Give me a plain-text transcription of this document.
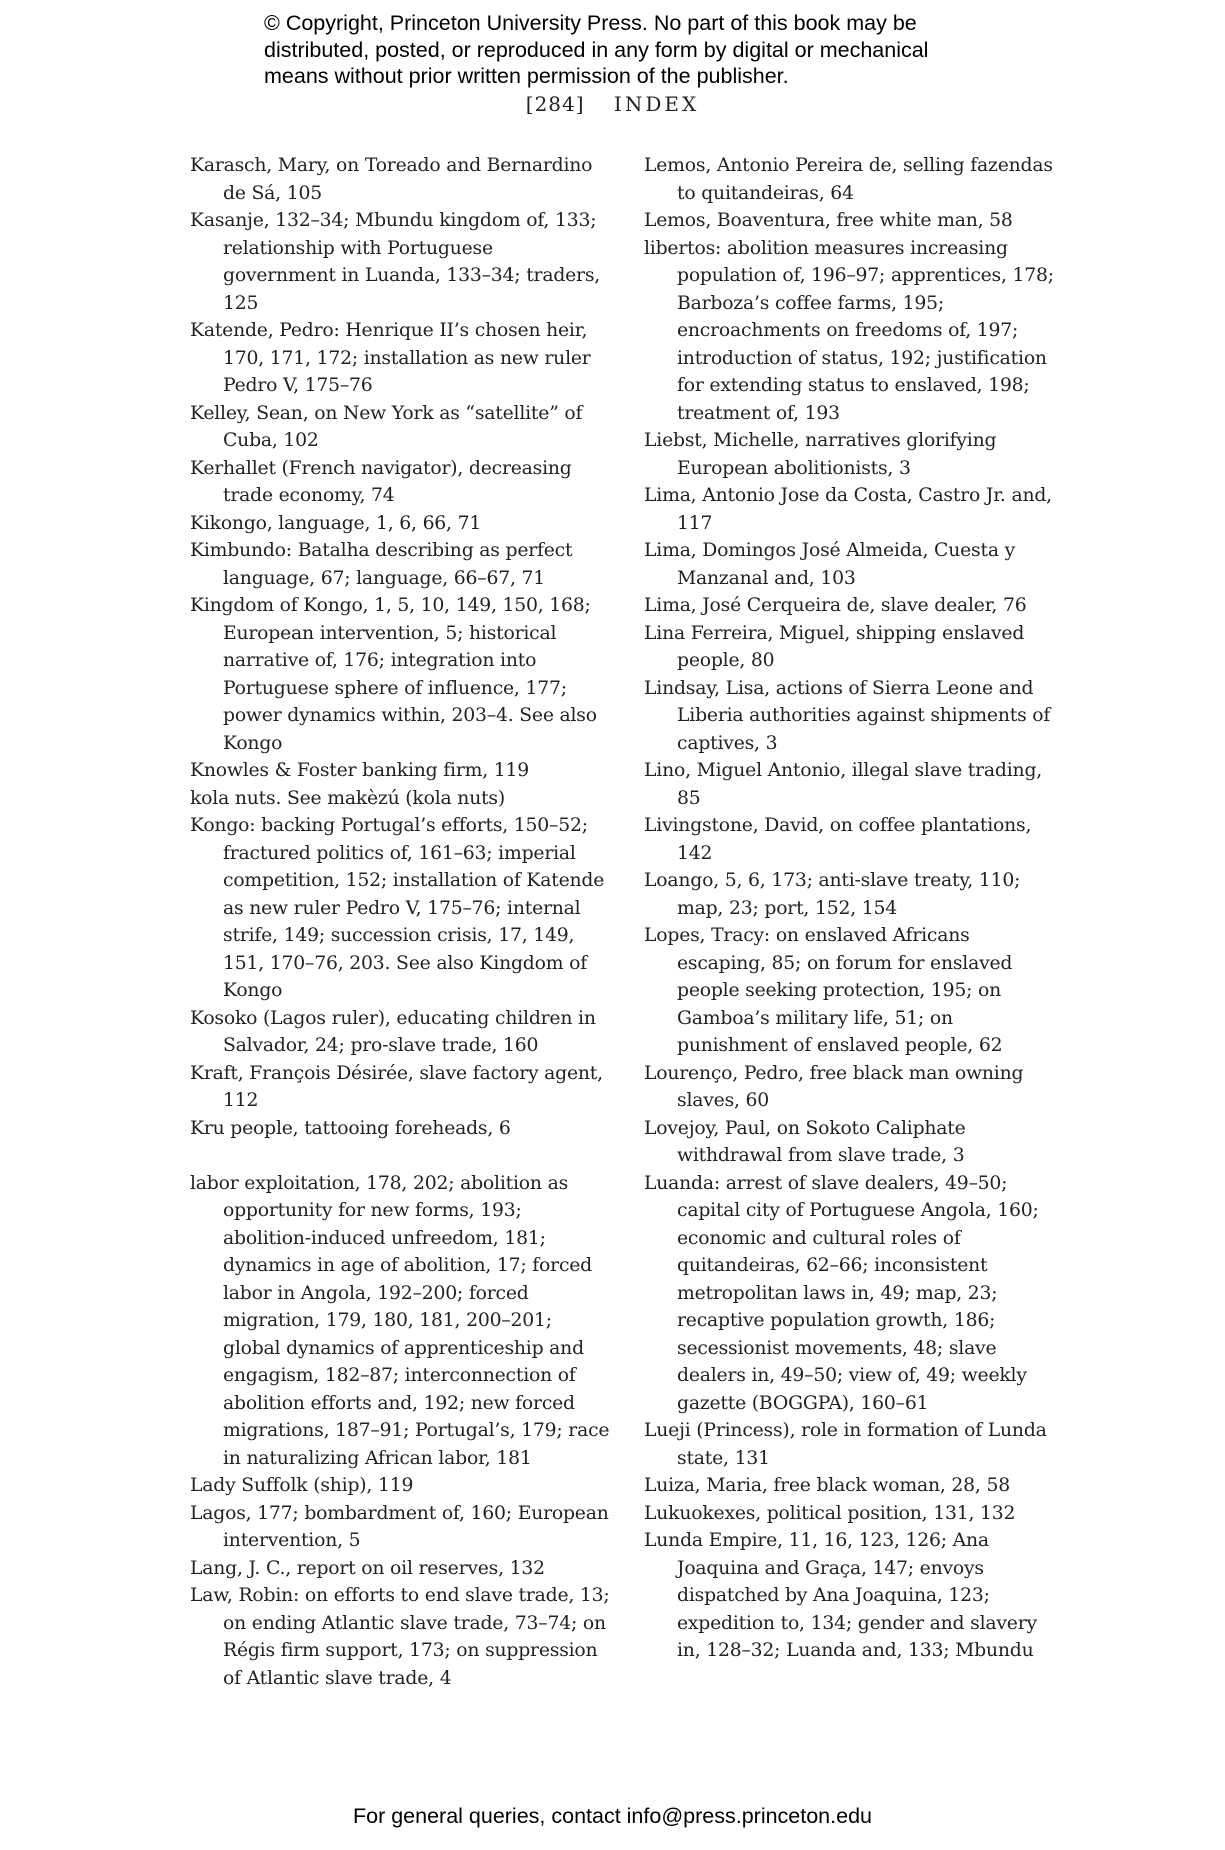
© Copyright, Princeton University Press. No part of this book may be

distributed, posted, or reproduced in any form by digital or mechanical

means without prior written permission of the publisher.

[284] INDEX
Karasch, Mary, on Toreado and Bernardino de Sá, 105
Kasanje, 132–34; Mbundu kingdom of, 133; relationship with Portuguese government in Luanda, 133–34; traders, 125
Katende, Pedro: Henrique II’s chosen heir, 170, 171, 172; installation as new ruler Pedro V, 175–76
Kelley, Sean, on New York as “satellite” of Cuba, 102
Kerhallet (French navigator), decreasing trade economy, 74
Kikongo, language, 1, 6, 66, 71
Kimbundo: Batalha describing as perfect language, 67; language, 66–67, 71
Kingdom of Kongo, 1, 5, 10, 149, 150, 168; European intervention, 5; historical narrative of, 176; integration into Portuguese sphere of influence, 177; power dynamics within, 203–4. See also Kongo
Knowles & Foster banking firm, 119
kola nuts. See makèzú (kola nuts)
Kongo: backing Portugal’s efforts, 150–52; fractured politics of, 161–63; imperial competition, 152; installation of Katende as new ruler Pedro V, 175–76; internal strife, 149; succession crisis, 17, 149, 151, 170–76, 203. See also Kingdom of Kongo
Kosoko (Lagos ruler), educating children in Salvador, 24; pro-slave trade, 160
Kraft, François Désirée, slave factory agent, 112
Kru people, tattooing foreheads, 6
labor exploitation, 178, 202; abolition as opportunity for new forms, 193; abolition-induced unfreedom, 181; dynamics in age of abolition, 17; forced labor in Angola, 192–200; forced migration, 179, 180, 181, 200–201; global dynamics of apprenticeship and engagism, 182–87; interconnection of abolition efforts and, 192; new forced migrations, 187–91; Portugal’s, 179; race in naturalizing African labor, 181
Lady Suffolk (ship), 119
Lagos, 177; bombardment of, 160; European intervention, 5
Lang, J. C., report on oil reserves, 132
Law, Robin: on efforts to end slave trade, 13; on ending Atlantic slave trade, 73–74; on Régis firm support, 173; on suppression of Atlantic slave trade, 4
Lemos, Antonio Pereira de, selling fazendas to quitandeiras, 64
Lemos, Boaventura, free white man, 58
libertos: abolition measures increasing population of, 196–97; apprentices, 178; Barboza’s coffee farms, 195; encroachments on freedoms of, 197; introduction of status, 192; justification for extending status to enslaved, 198; treatment of, 193
Liebst, Michelle, narratives glorifying European abolitionists, 3
Lima, Antonio Jose da Costa, Castro Jr. and, 117
Lima, Domingos José Almeida, Cuesta y Manzanal and, 103
Lima, José Cerqueira de, slave dealer, 76
Lina Ferreira, Miguel, shipping enslaved people, 80
Lindsay, Lisa, actions of Sierra Leone and Liberia authorities against shipments of captives, 3
Lino, Miguel Antonio, illegal slave trading, 85
Livingstone, David, on coffee plantations, 142
Loango, 5, 6, 173; anti-slave treaty, 110; map, 23; port, 152, 154
Lopes, Tracy: on enslaved Africans escaping, 85; on forum for enslaved people seeking protection, 195; on Gamboa’s military life, 51; on punishment of enslaved people, 62
Lourenço, Pedro, free black man owning slaves, 60
Lovejoy, Paul, on Sokoto Caliphate withdrawal from slave trade, 3
Luanda: arrest of slave dealers, 49–50; capital city of Portuguese Angola, 160; economic and cultural roles of quitandeiras, 62–66; inconsistent metropolitan laws in, 49; map, 23; recaptive population growth, 186; secessionist movements, 48; slave dealers in, 49–50; view of, 49; weekly gazette (BOGGPA), 160–61
Lueji (Princess), role in formation of Lunda state, 131
Luiza, Maria, free black woman, 28, 58
Lukuokexes, political position, 131, 132
Lunda Empire, 11, 16, 123, 126; Ana Joaquina and Graça, 147; envoys dispatched by Ana Joaquina, 123; expedition to, 134; gender and slavery in, 128–32; Luanda and, 133; Mbundu
For general queries, contact info@press.princeton.edu
